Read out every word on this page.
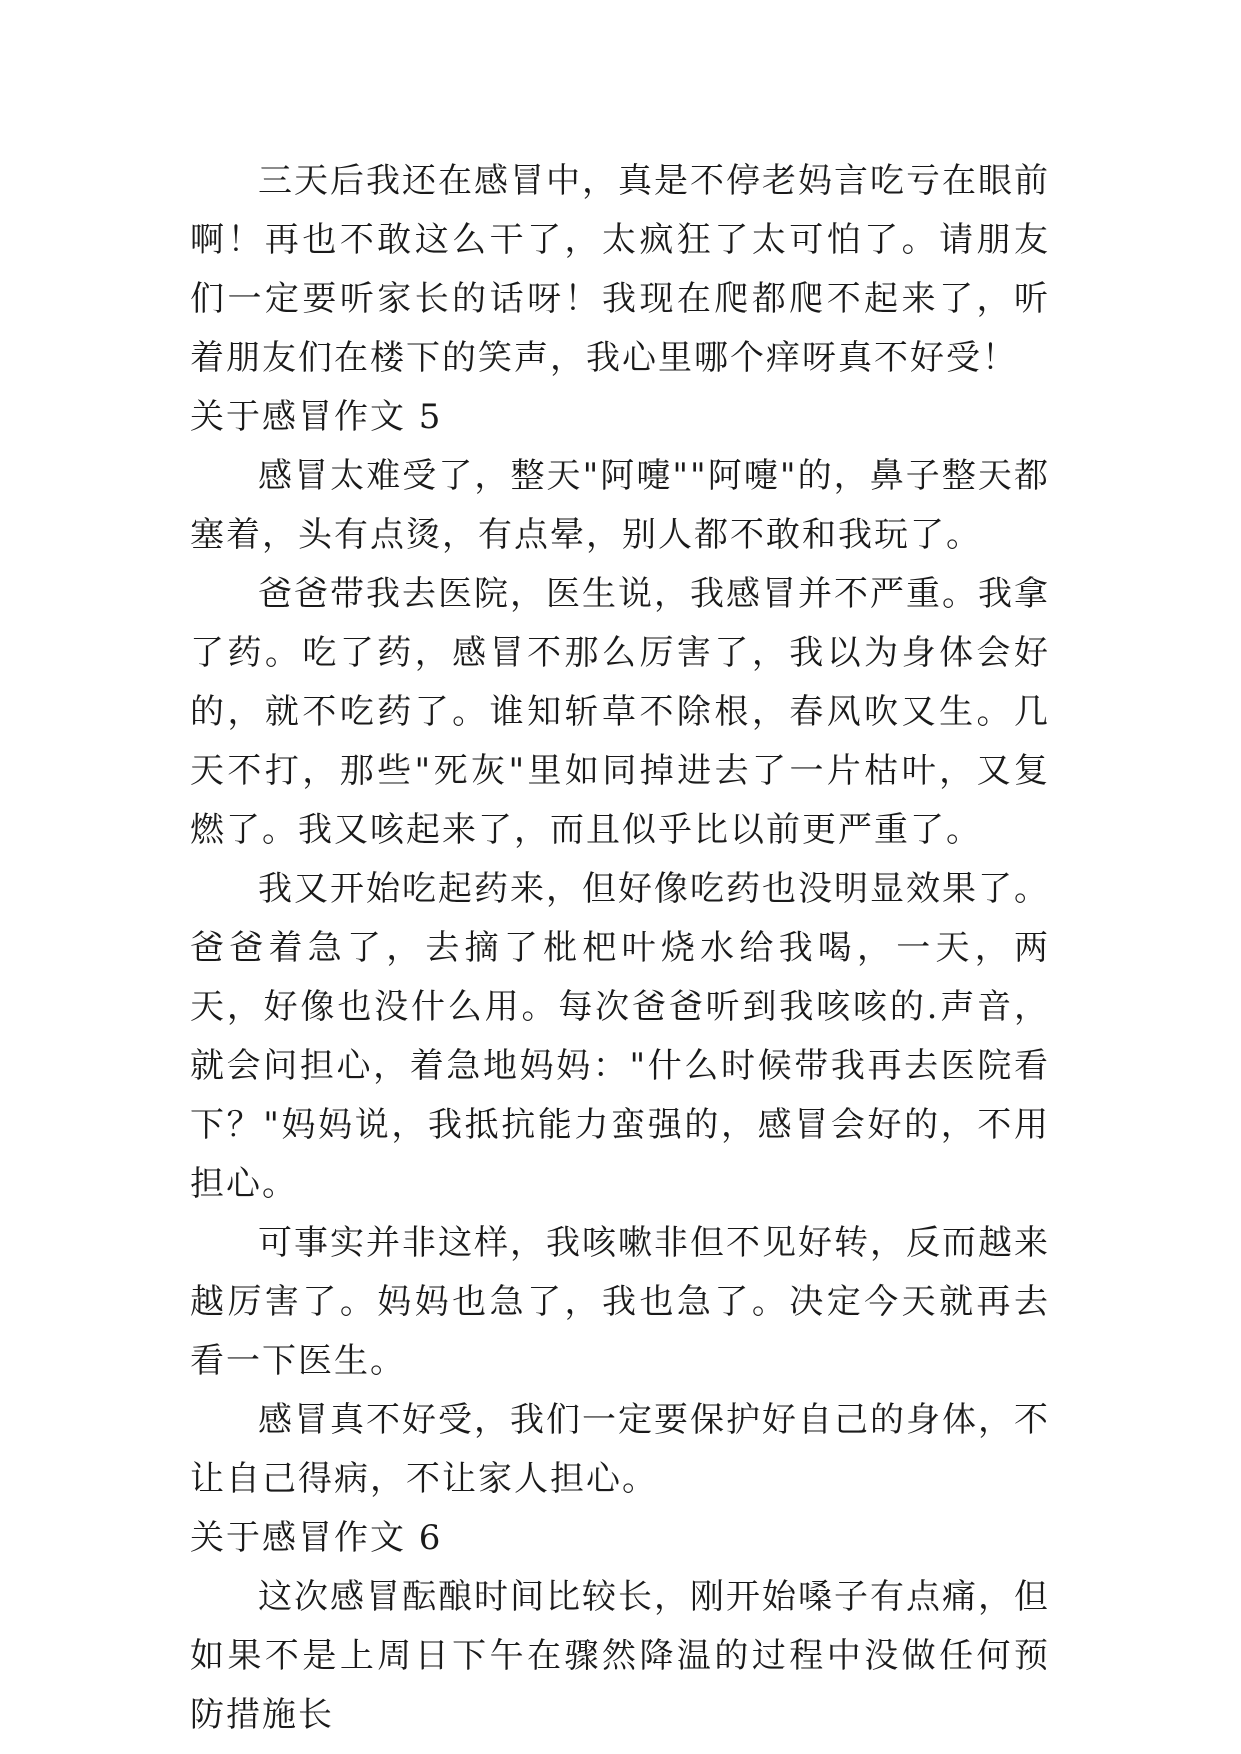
三天后我还在感冒中，真是不停老妈言吃亏在眼前啊！再也不敢这么干了，太疯狂了太可怕了。请朋友们一定要听家长的话呀！我现在爬都爬不起来了，听着朋友们在楼下的笑声，我心里哪个痒呀真不好受！

关于感冒作文 5

感冒太难受了，整天"阿嚏""阿嚏"的，鼻子整天都塞着，头有点烫，有点晕，别人都不敢和我玩了。

爸爸带我去医院，医生说，我感冒并不严重。我拿了药。吃了药，感冒不那么厉害了，我以为身体会好的，就不吃药了。谁知斩草不除根，春风吹又生。几天不打，那些"死灰"里如同掉进去了一片枯叶，又复燃了。我又咳起来了，而且似乎比以前更严重了。

我又开始吃起药来，但好像吃药也没明显效果了。爸爸着急了，去摘了枇杷叶烧水给我喝，一天，两天，好像也没什么用。每次爸爸听到我咳咳的.声音，就会问担心，着急地妈妈："什么时候带我再去医院看下？"妈妈说，我抵抗能力蛮强的，感冒会好的，不用担心。

可事实并非这样，我咳嗽非但不见好转，反而越来越厉害了。妈妈也急了，我也急了。决定今天就再去看一下医生。

感冒真不好受，我们一定要保护好自己的身体，不让自己得病，不让家人担心。

关于感冒作文 6

这次感冒酝酿时间比较长，刚开始嗓子有点痛，但如果不是上周日下午在骤然降温的过程中没做任何预防措施长
